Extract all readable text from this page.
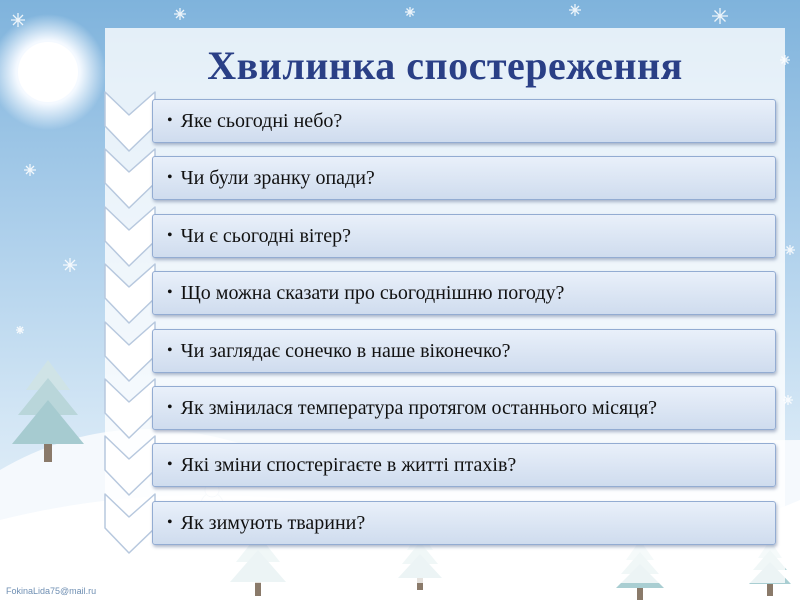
Хвилинка спостереження
• Яке сьогодні небо?
• Чи були зранку опади?
• Чи є сьогодні вітер?
• Що можна сказати про сьогоднішню погоду?
• Чи заглядає сонечко в наше віконечко?
• Як змінилася температура протягом останнього місяця?
• Які зміни спостерігаєте в житті птахів?
• Як зимують тварини?
FokinaLida75@mail.ru
